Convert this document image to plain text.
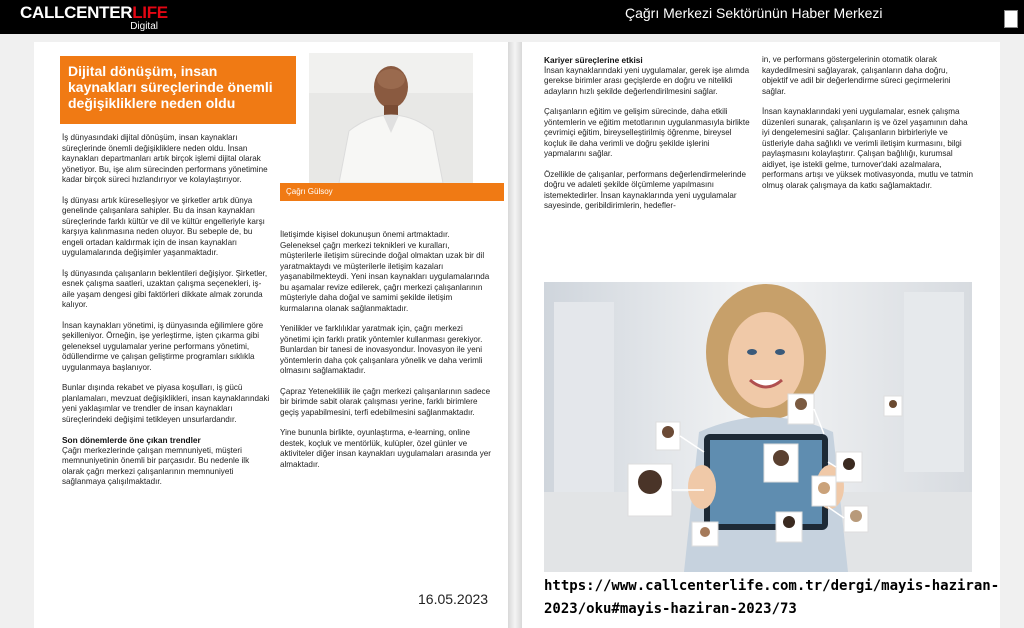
CALLCENTERLIFE
Digital
Çağrı Merkezi Sektörünün Haber Merkezi
Dijital dönüşüm, insan kaynakları süreçlerinde önemli değişikliklere neden oldu
Çağrı Gülsoy

İş dünyasındaki dijital dönüşüm, insan kaynakları süreçlerinde önemli değişikliklere neden oldu. İnsan kaynakları departmanları artık birçok işlemi dijital olarak yönetiyor. Bu, işe alım sürecinden performans yönetimine kadar birçok süreci hızlandırıyor ve kolaylaştırıyor.

İş dünyası artık küreselleşiyor ve şirketler artık dünya genelinde çalışanlara sahipler. Bu da insan kaynakları süreçlerinde farklı kültür ve dil ve kültür engelleriyle karşı karşıya kalınmasına neden oluyor. Bu sebeple de, bu engeli ortadan kaldırmak için de insan kaynakları uygulamalarında değişimler yaşanmaktadır.

İş dünyasında çalışanların beklentileri değişiyor. Şirketler, esnek çalışma saatleri, uzaktan çalışma seçenekleri, iş-aile yaşam dengesi gibi faktörleri dikkate almak zorunda kalıyor.

İnsan kaynakları yönetimi, iş dünyasında eğilimlere göre şekilleniyor. Örneğin, işe yerleştirme, işten çıkarma gibi geleneksel uygulamalar yerine performans yönetimi, ödüllendirme ve çalışan geliştirme programları sıklıkla uygulanmaya başlanıyor.

Bunlar dışında rekabet ve piyasa koşulları, iş gücü planlamaları, mevzuat değişiklikleri, insan kaynaklarındaki yeni yaklaşımlar ve trendler de insan kaynakları süreçlerindeki değişimi tetikleyen unsurlardandır.

Son dönemlerde öne çıkan trendler

Çağrı merkezlerinde çalışan memnuniyeti, müşteri memnuniyetinin önemli bir parçasıdır. Bu nedenle ilk olarak çağrı merkezi çalışanlarının memnuniyeti sağlanmaya çalışılmaktadır.

İletişimde kişisel dokunuşun önemi artmaktadır. Geleneksel çağrı merkezi teknikleri ve kuralları, müşterilerle iletişim sürecinde doğal olmaktan uzak bir dil yaratmaktaydı ve müşterilerle iletişim kazaları yaşanabilmekteydi. Yeni insan kaynakları uygulamalarında bu aşamalar revize edilerek, çağrı merkezi çalışanlarının müşteriyle daha doğal ve samimi şekilde iletişim kurmalarına olanak sağlanmaktadır.

Yenilikler ve farklılıklar yaratmak için, çağrı merkezi yönetimi için farklı pratik yöntemler kullanması gerekiyor. Bunlardan bir tanesi de inovasyondur. İnovasyon ile yeni yöntemlerin daha çok çalışanlara yönelik ve daha verimli olmasını sağlamaktadır.

Çapraz Yetenekliliik ile çağrı merkezi çalışanlarının sadece bir birimde sabit olarak çalışması yerine, farklı birimlere geçiş yapabilmesini, terfi edebilmesini sağlanmaktadır.

Yine bununla birlikte, oyunlaştırma, e-learning, online destek, koçluk ve mentörlük, kulüpler, özel günler ve aktiviteler diğer insan kaynakları uygulamaları arasında yer almaktadır.

Kariyer süreçlerine etkisi

İnsan kaynaklarındaki yeni uygulamalar, gerek işe alımda gerekse birimler arası geçişlerde en doğru ve nitelikli adayların hızlı şekilde değerlendirilmesini sağlar.

Çalışanların eğitim ve gelişim sürecinde, daha etkili yöntemlerin ve eğitim metotlarının uygulanmasıyla birlikte çevrimiçi eğitim, bireyselleştirilmiş öğrenme, bireysel koçluk ile daha verimli ve doğru şekilde işlerini yapmalarını sağlar.

Özellikle de çalışanlar, performans değerlendirmelerinde doğru ve adaleti şekilde ölçümleme yapılmasını istemektedirler. İnsan kaynaklarında yeni uygulamalar sayesinde, geribildirimlerin, hedefler-

in, ve performans göstergelerinin otomatik olarak kaydedilmesini sağlayarak, çalışanların daha doğru, objektif ve adil bir değerlendirme süreci geçirmelerini sağlar.

İnsan kaynaklarındaki yeni uygulamalar, esnek çalışma düzenleri sunarak, çalışanların iş ve özel yaşamının daha iyi dengelemesini sağlar. Çalışanların birbirleriyle ve üstleriyle daha sağlıklı ve verimli iletişim kurmasını, bilgi paylaşmasını kolaylaştırır. Çalışan bağlılığı, kurumsal aidiyet, işe istekli gelme, turnover'daki azalmalara, performans artışı ve yüksek motivasyonda, mutlu ve tatmin olmuş olarak çalışmaya da katkı sağlamaktadır.

16.05.2023
https://www.callcenterlife.com.tr/dergi/mayis-haziran-2023/oku#mayis-haziran-2023/73
